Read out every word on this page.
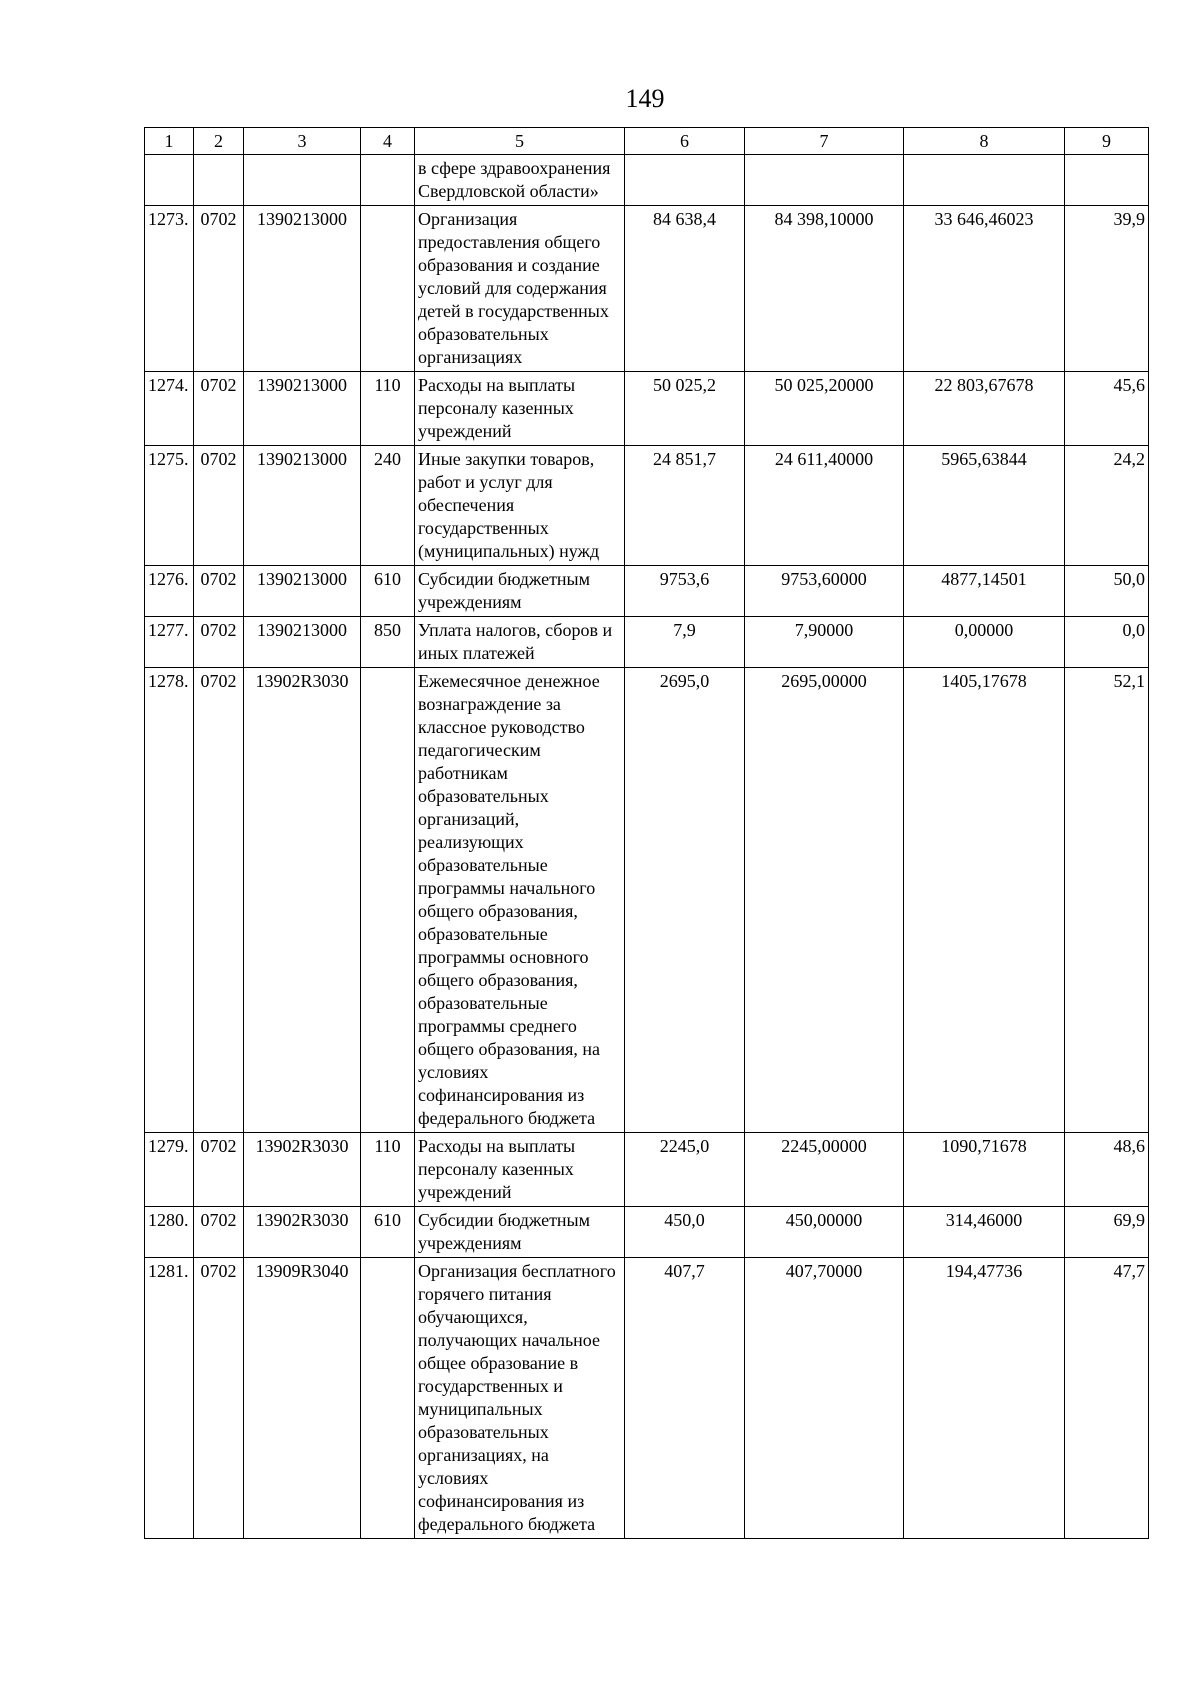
149
1	2	3	4	5	6	7	8	9
				в сфере здравоохранения Свердловской области»				
1273.	0702	1390213000		Организация предоставления общего образования и создание условий для содержания детей в государственных образовательных организациях	84 638,4	84 398,10000	33 646,46023	39,9
1274.	0702	1390213000	110	Расходы на выплаты персоналу казенных учреждений	50 025,2	50 025,20000	22 803,67678	45,6
1275.	0702	1390213000	240	Иные закупки товаров, работ и услуг для обеспечения государственных (муниципальных) нужд	24 851,7	24 611,40000	5965,63844	24,2
1276.	0702	1390213000	610	Субсидии бюджетным учреждениям	9753,6	9753,60000	4877,14501	50,0
1277.	0702	1390213000	850	Уплата налогов, сборов и иных платежей	7,9	7,90000	0,00000	0,0
1278.	0702	13902R3030		Ежемесячное денежное вознаграждение за классное руководство педагогическим работникам образовательных организаций, реализующих образовательные программы начального общего образования, образовательные программы основного общего образования, образовательные программы среднего общего образования, на условиях софинансирования из федерального бюджета	2695,0	2695,00000	1405,17678	52,1
1279.	0702	13902R3030	110	Расходы на выплаты персоналу казенных учреждений	2245,0	2245,00000	1090,71678	48,6
1280.	0702	13902R3030	610	Субсидии бюджетным учреждениям	450,0	450,00000	314,46000	69,9
1281.	0702	13909R3040		Организация бесплатного горячего питания обучающихся, получающих начальное общее образование в государственных и муниципальных образовательных организациях, на условиях софинансирования из федерального бюджета	407,7	407,70000	194,47736	47,7
